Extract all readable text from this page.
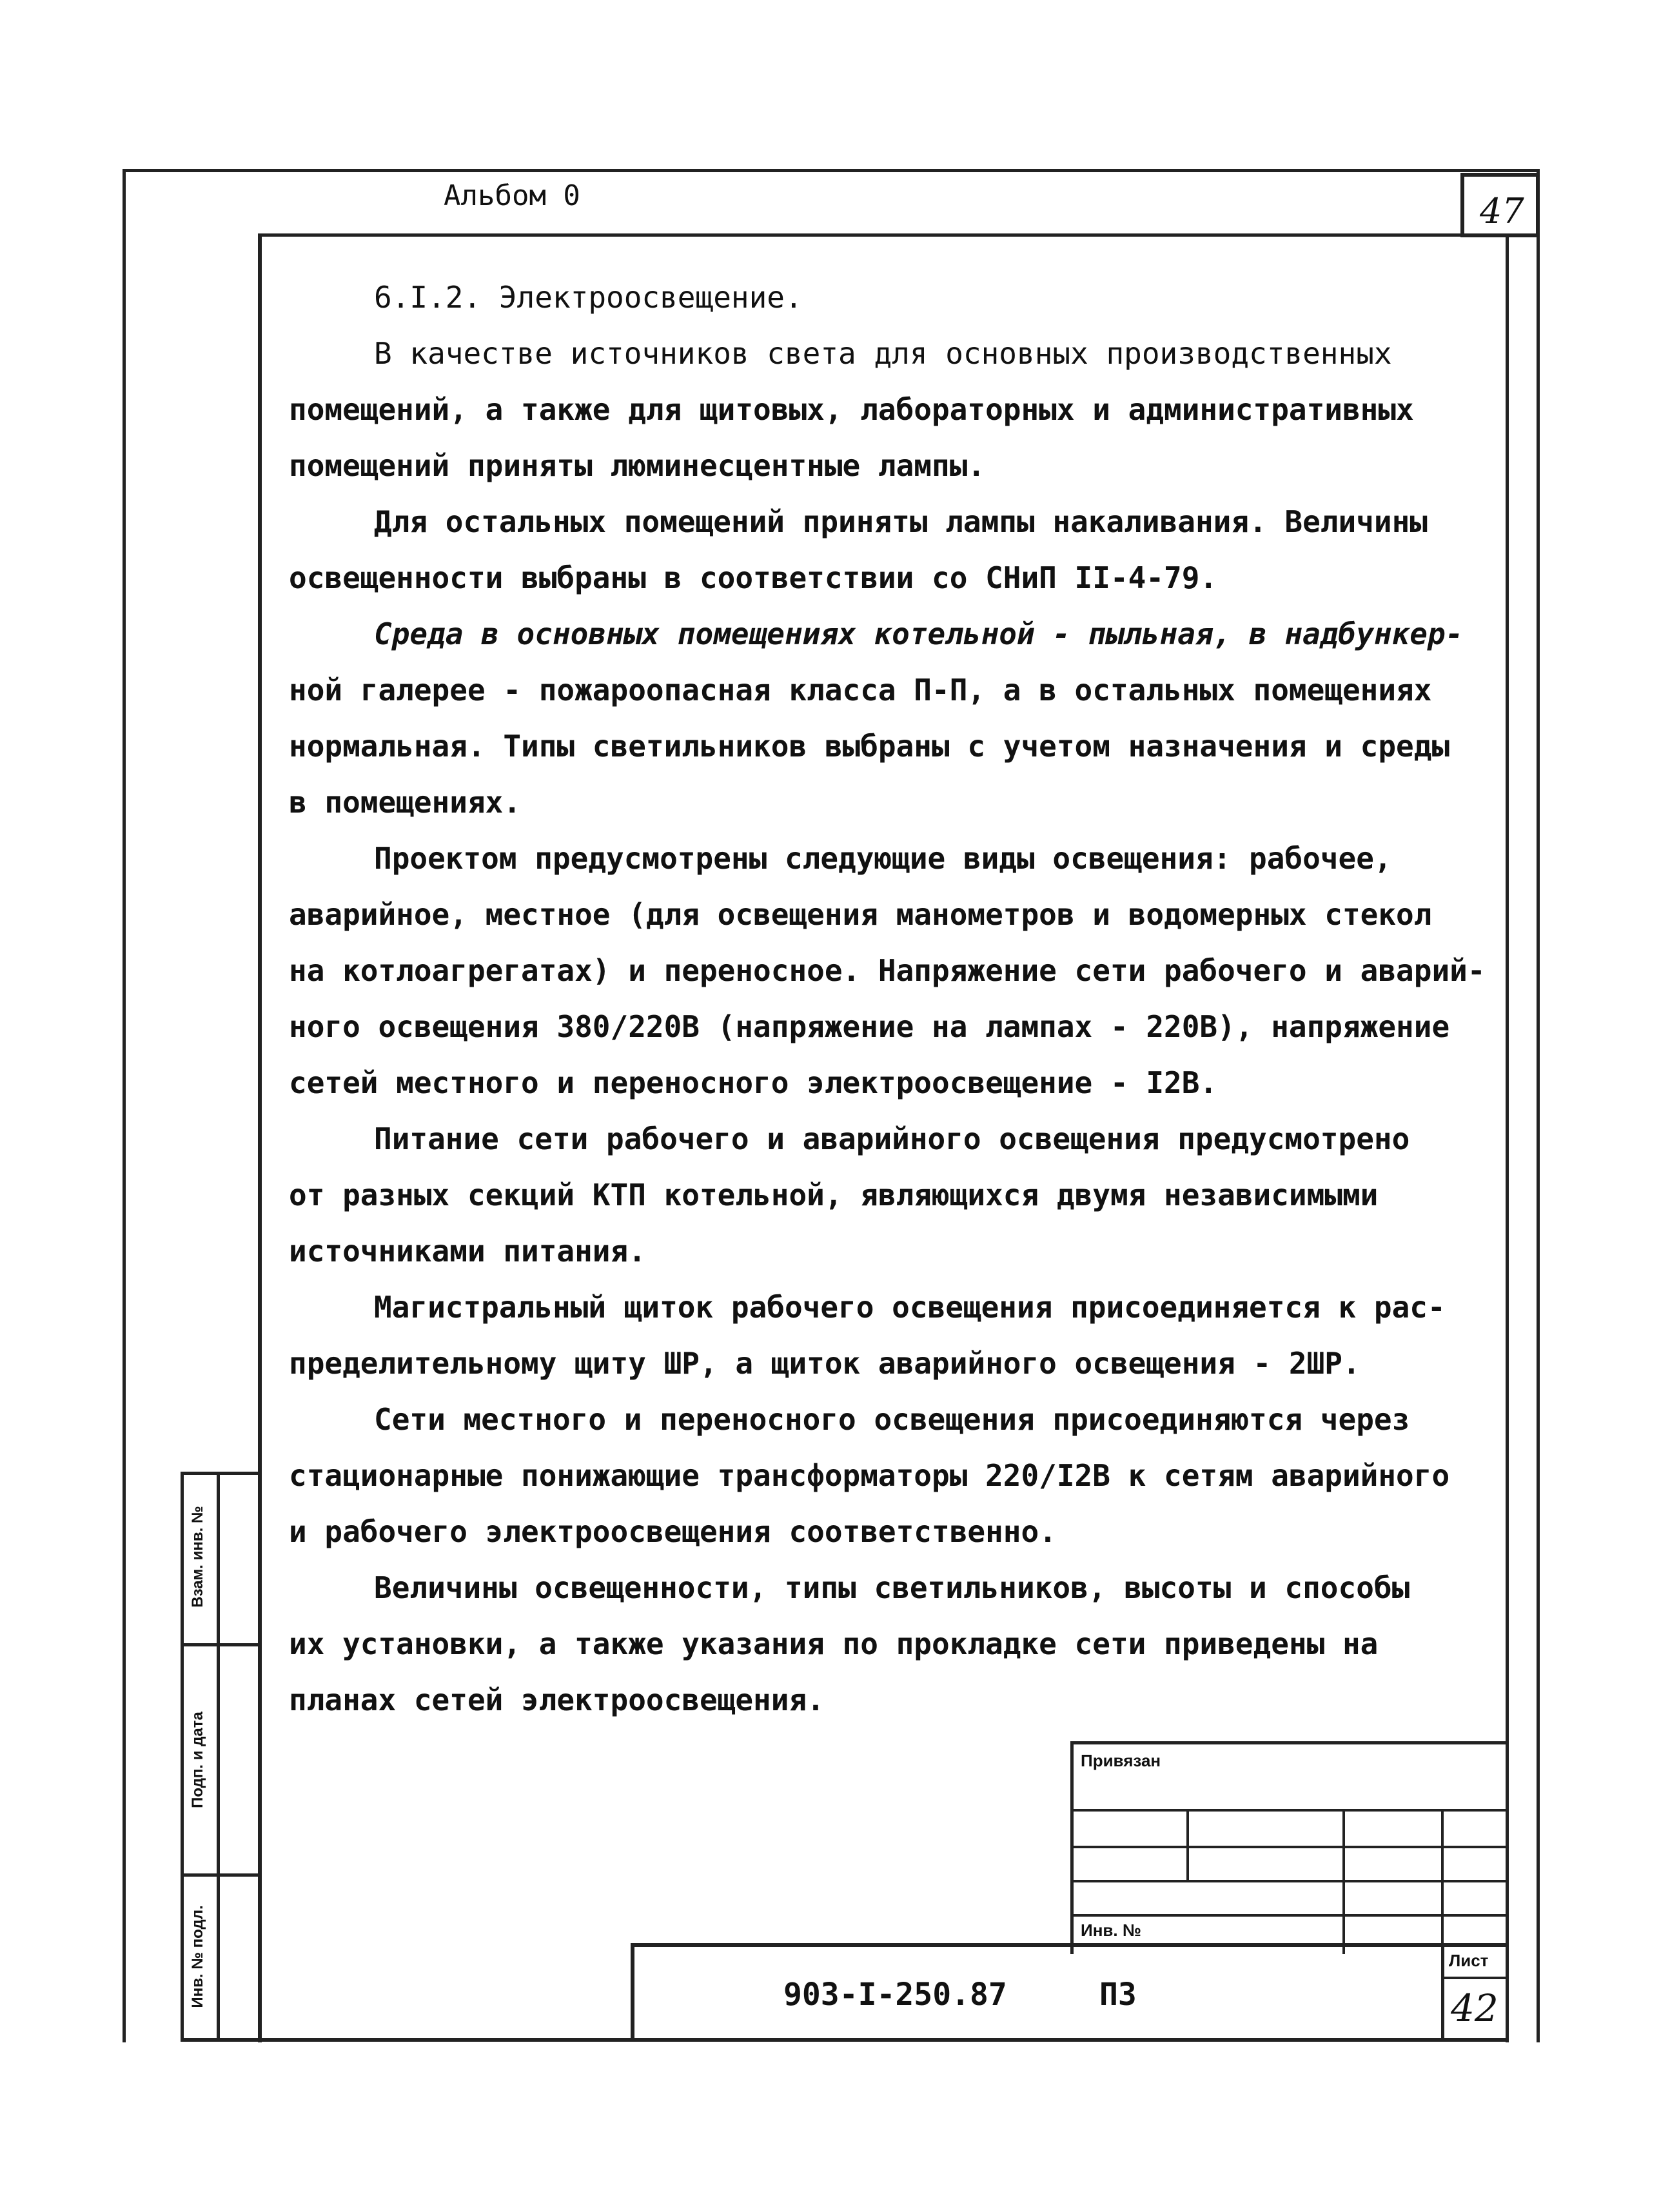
Альбом 0	47
6.I.2. Электроосвещение.
В качестве источников света для основных производственных
помещений, а также для щитовых, лабораторных и административных
помещений приняты люминесцентные лампы.
Для остальных помещений приняты лампы накаливания. Величины
освещенности выбраны в соответствии со СНиП II-4-79.
Среда в основных помещениях котельной - пыльная, в надбункер-
ной галерее - пожароопасная класса П-П, а в остальных помещениях
нормальная. Типы светильников выбраны с учетом назначения и среды
в помещениях.
Проектом предусмотрены следующие виды освещения: рабочее,
аварийное, местное (для освещения манометров и водомерных стекол
на котлоагрегатах) и переносное. Напряжение сети рабочего и аварий-
ного освещения 380/220В (напряжение на лампах - 220В), напряжение
сетей местного и переносного электроосвещение - I2В.
Питание сети рабочего и аварийного освещения предусмотрено
от разных секций КТП котельной, являющихся двумя независимыми
источниками питания.
Магистральный щиток рабочего освещения присоединяется к рас-
пределительному щиту ШР, а щиток аварийного освещения - 2ШР.
Сети местного и переносного освещения присоединяются через
стационарные понижающие трансформаторы 220/I2В к сетям аварийного
и рабочего электроосвещения соответственно.
Величины освещенности, типы светильников, высоты и способы
их установки, а также указания по прокладке сети приведены на
планах сетей электроосвещения.
Взам. инв. №
Подп. и дата
Инв. № подл.
Привязан
Инв. №
903-I-250.87	ПЗ
Лист
42
